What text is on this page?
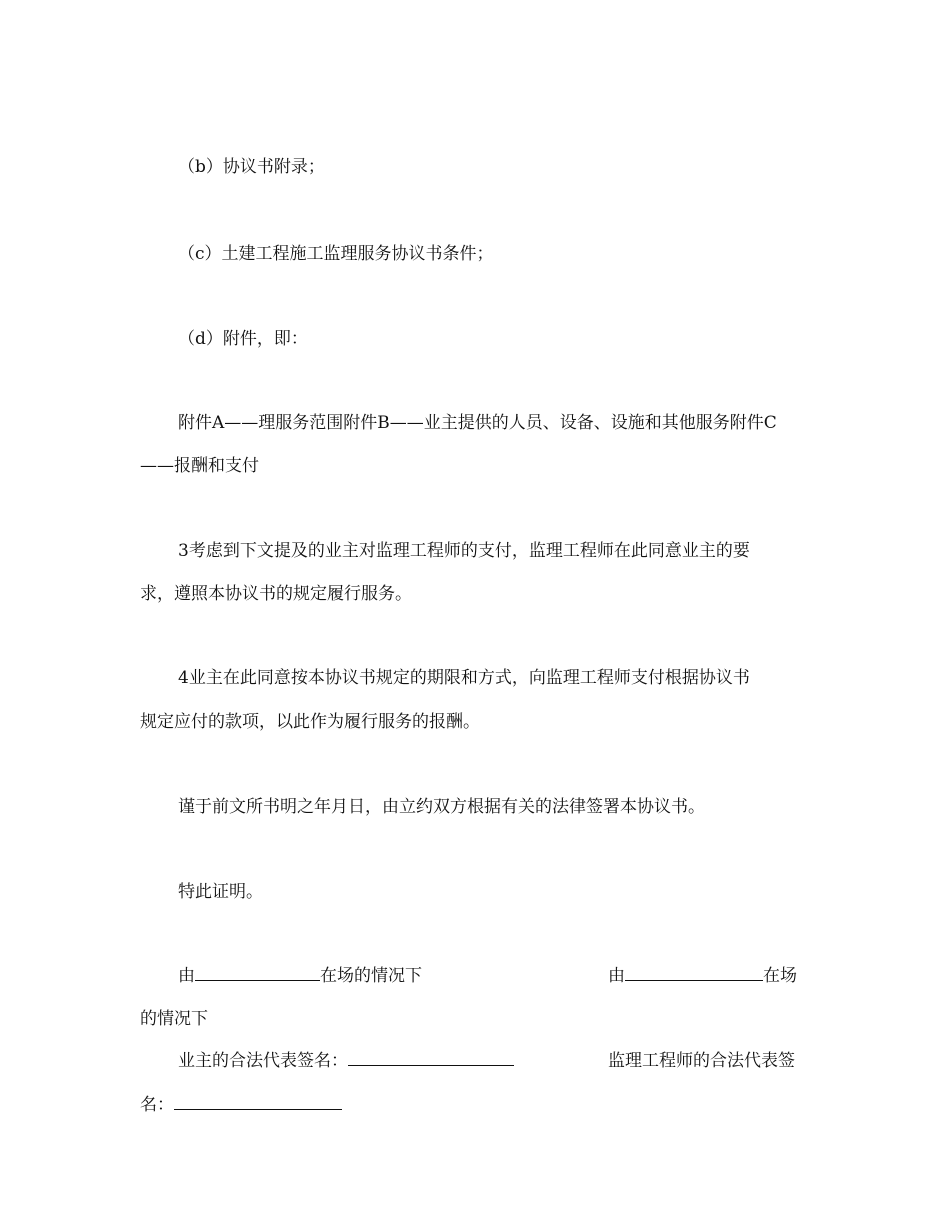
（b）协议书附录；
（c）土建工程施工监理服务协议书条件；
（d）附件，即：
附件A——理服务范围附件B——业主提供的人员、设备、设施和其他服务附件C
——报酬和支付
3考虑到下文提及的业主对监理工程师的支付，监理工程师在此同意业主的要
求，遵照本协议书的规定履行服务。
4业主在此同意按本协议书规定的期限和方式，向监理工程师支付根据协议书
规定应付的款项，以此作为履行服务的报酬。
谨于前文所书明之年月日，由立约双方根据有关的法律签署本协议书。
特此证明。
由	在场的情况下	由	在场
的情况下
业主的合法代表签名：	监理工程师的合法代表签
名：
